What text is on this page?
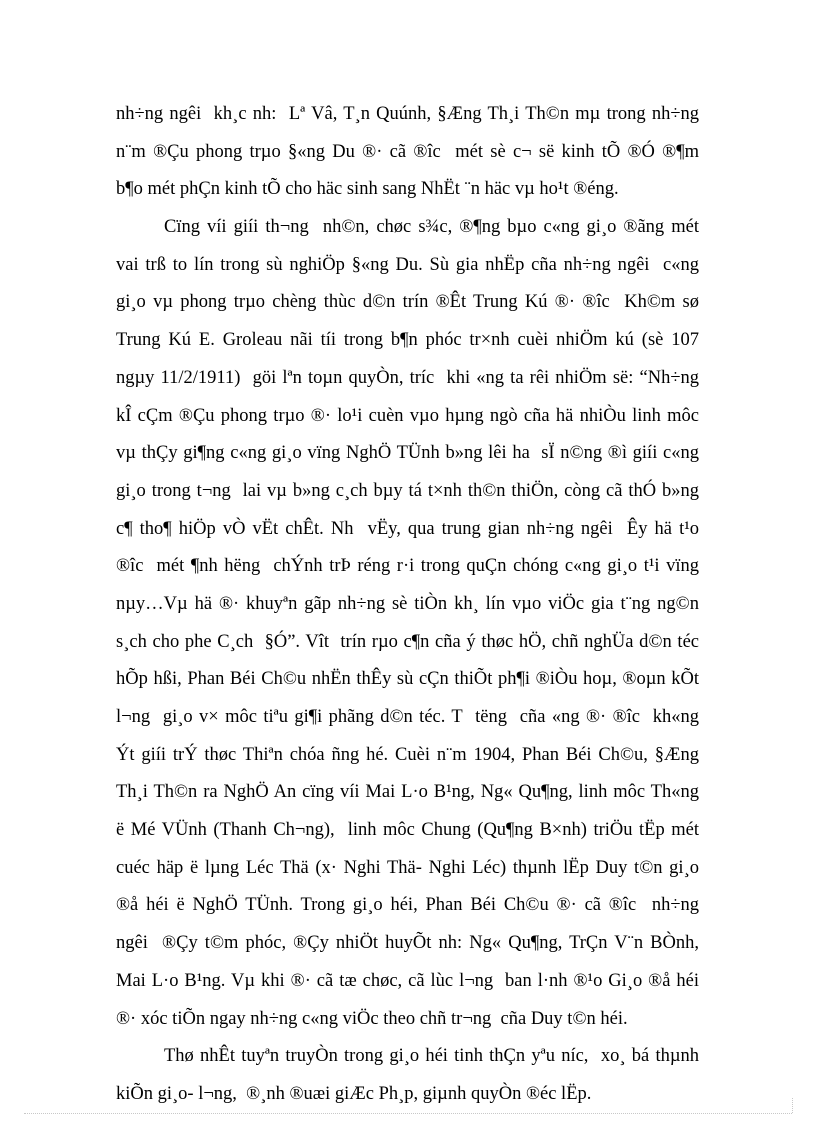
nh÷ng ngêi  kh¸c nh:  Lª Vâ, T¸n Quúnh, §Æng Th¸i Th©n mµ trong nh÷ng
n¨m ®Çu phong trµo §«ng Du ®· cã ®îc  mét sè c¬ së kinh tÕ ®Ó ®¶m
b¶o mét phÇn kinh tÕ cho häc sinh sang NhËt ¨n häc vµ ho¹t ®éng.
Cïng víi giíi th¬ng  nh©n, chøc s¾c, ®¶ng bµo c«ng gi¸o ®ãng mét
vai trß to lín trong sù nghiÖp §«ng Du. Sù gia nhËp cña nh÷ng ngêi  c«ng
gi¸o vµ phong trµo chèng thùc d©n trín ®Êt Trung Kú ®· ®îc  Kh©m sø
Trung Kú E. Groleau nãi tíi trong b¶n phóc tr×nh cuèi nhiÖm kú (sè 107
ngµy 11/2/1911)  göi lªn toµn quyÒn, tríc  khi «ng ta rêi nhiÖm së: “Nh÷ng
kÎ cÇm ®Çu phong trµo ®· lo¹i cuèn vµo hµng ngò cña hä nhiÒu linh môc
vµ thÇy gi¶ng c«ng gi¸o vïng NghÖ TÜnh b»ng lêi ha  sÏ n©ng ®ì giíi c«ng
gi¸o trong t¬ng  lai vµ b»ng c¸ch bµy tá t×nh th©n thiÖn, còng cã thÓ b»ng
c¶ tho¶ hiÖp vÒ vËt chÊt. Nh  vËy, qua trung gian nh÷ng ngêi  Êy hä t¹o
®îc  mét ¶nh hëng  chÝnh trÞ réng r·i trong quÇn chóng c«ng gi¸o t¹i vïng
nµy…Vµ hä ®· khuyªn gãp nh÷ng sè tiÒn kh¸ lín vµo viÖc gia t¨ng ng©n
s¸ch cho phe C¸ch  §Ó”. Vît  trín rµo c¶n cña ý thøc hÖ, chñ nghÜa d©n téc
hÕp hßi, Phan Béi Ch©u nhËn thÊy sù cÇn thiÕt ph¶i ®iÒu hoµ, ®oµn kÕt
l¬ng  gi¸o v× môc tiªu gi¶i phãng d©n téc. T  tëng  cña «ng ®· ®îc  kh«ng
Ýt giíi trÝ thøc Thiªn chóa ñng hé. Cuèi n¨m 1904, Phan Béi Ch©u, §Æng
Th¸i Th©n ra NghÖ An cïng víi Mai L·o B¹ng, Ng« Qu¶ng, linh môc Th«ng
ë Mé VÜnh (Thanh Ch¬ng),  linh môc Chung (Qu¶ng B×nh) triÖu tËp mét
cuéc häp ë lµng Léc Thä (x· Nghi Thä- Nghi Léc) thµnh lËp Duy t©n gi¸o
®å héi ë NghÖ TÜnh. Trong gi¸o héi, Phan Béi Ch©u ®· cã ®îc  nh÷ng
ngêi  ®Çy t©m phóc, ®Çy nhiÖt huyÕt nh: Ng« Qu¶ng, TrÇn V¨n BÒnh,
Mai L·o B¹ng. Vµ khi ®· cã tæ chøc, cã lùc l¬ng  ban l·nh ®¹o Gi¸o ®å héi
®· xóc tiÕn ngay nh÷ng c«ng viÖc theo chñ tr¬ng  cña Duy t©n héi.
Thø nhÊt tuyªn truyÒn trong gi¸o héi tinh thÇn yªu níc,  xo¸ bá thµnh
kiÕn gi¸o- l¬ng,  ®¸nh ®uæi giÆc Ph¸p, giµnh quyÒn ®éc lËp.
